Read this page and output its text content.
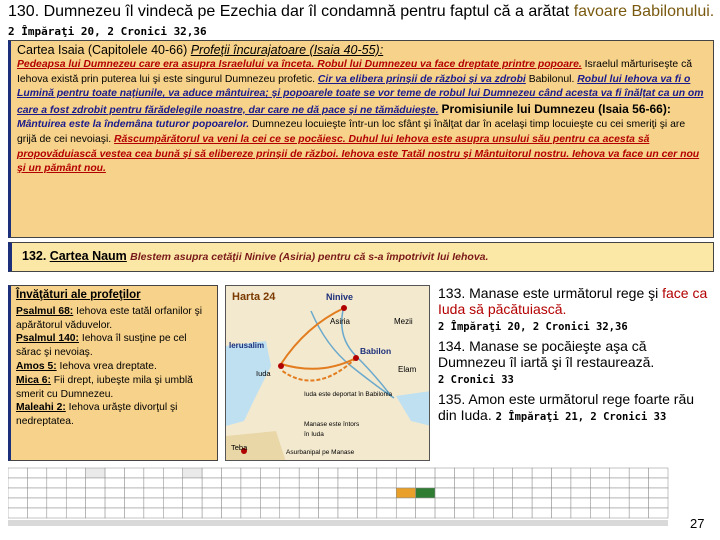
130. Dumnezeu îl vindecă pe Ezechia dar îl condamnă pentru faptul că a arătat favoare Babilonului. 2 Împăraţi 20, 2 Cronici 32,36
Cartea Isaia (Capitolele 40-66) Profeţii încurajatoare (Isaia 40-55):
Pedeapsa lui Dumnezeu care era asupra Israelului va înceta. Robul lui Dumnezeu va face dreptate printre popoare. Israelul mărturiseşte că Iehova există prin puterea lui şi este singurul Dumnezeu profetic. Cir va elibera prinşii de război şi va zdrobi Babilonul. Robul lui Iehova va fi o Lumină pentru toate naţiunile, va aduce mântuirea; şi popoarele toate se vor teme de robul lui Dumnezeu când acesta va fi înălţat ca un om care a fost zdrobit pentru fărădelegile noastre, dar care ne dă pace şi ne tămăduieşte. Promisiunile lui Dumnezeu (Isaia 56-66): Mântuirea este la îndemâna tuturor popoarelor. Dumnezeu locuieşte într-un loc sfânt şi înălţat dar în acelaşi timp locuieşte cu cei smeriţi şi are grijă de cei nevoiaşi. Răscumpărătorul va veni la cei ce se pocăiesc. Duhul lui Iehova este asupra unsului său pentru ca acesta să propovăduiască vestea cea bună şi să elibereze prinşii de război. Iehova este Tatăl nostru şi Mântuitorul nostru. Iehova va face un cer nou şi un pământ nou.
132. Cartea Naum Blestem asupra cetăţii Ninive (Asiria) pentru că s-a împotrivit lui Iehova.
Învăţături ale profeţilor
Psalmul 68: Iehova este tatăl orfanilor şi apărătorul văduvelor.
Psalmul 140: Iehova îl susţine pe cel sărac şi nevoiaş.
Amos 5: Iehova vrea dreptate.
Mica 6: Fii drept, iubeşte mila şi umblă smerit cu Dumnezeu.
Maleahi 2: Iehova urăşte divorţul şi nedreptatea.
Harta 24	Ninive
Asiria	Mezii
Babilon
Elam
Ierusalim
Iuda
Teba
Iuda este deportat în Babilonia
Manase este întors
în Iuda
Asurbanipal pe Manase

133. Manase este următorul rege şi face ca Iuda să păcătuiască.
2 Împăraţi 20, 2 Cronici 32,36

134. Manase se pocăieşte aşa că Dumnezeu îl iartă şi îl restaurează.
2 Cronici 33

135. Amon este următorul rege foarte rău din Iuda. 2 Împăraţi 21, 2 Cronici 33

27
